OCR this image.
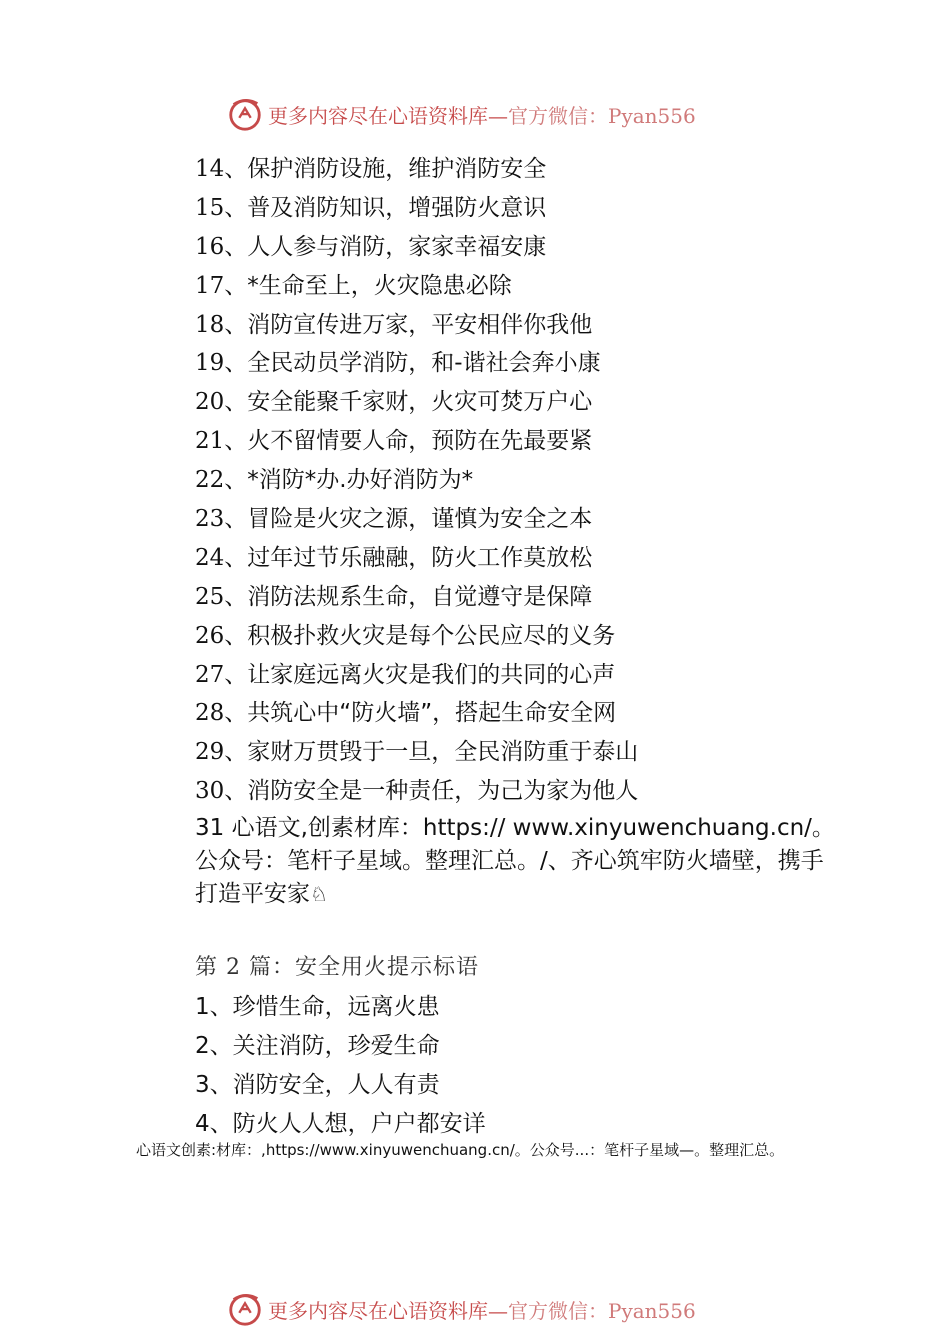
更多内容尽在心语资料库—官方微信：Pyan556
14 、 保护消防设施，维护消防安全
15 、 普及消防知识，增强防火意识
16 、 人人参与消防，家家幸福安康
17 、 *生命至上，火灾隐患必除
18 、 消防宣传进万家，平安相伴你我他
19 、 全民动员学消防，和-谐社会奔小康
20 、 安全能聚千家财，火灾可焚万户心
21 、 火不留情要人命，预防在先最要紧
22 、 *消防*办.办好消防为*
23 、 冒险是火灾之源，谨慎为安全之本
24 、 过年过节乐融融，防火工作莫放松
25 、 消防法规系生命，自觉遵守是保障
26 、 积极扑救火灾是每个公民应尽的义务
27 、 让家庭远离火灾是我们的共同的心声
28 、 共筑心中“防火墙”，搭起生命安全网
29 、 家财万贯毁于一旦，全民消防重于泰山
30 、 消防安全是一种责任，为己为家为他人
31 心语文,创素材库：https:// www.xinyuwenchuang.cn/。公众号：笔杆子星域。整理汇总。/、齐心筑牢防火墙壁，携手打造平安家♘
第 2 篇：安全用火提示标语
1、珍惜生命，远离火患
2、关注消防，珍爱生命
3、消防安全，人人有责
4、防火人人想，户户都安详
心语文创素:材库：,https://www.xinyuwenchuang.cn/。公众号...：笔杆子星域—。整理汇总。
更多内容尽在心语资料库—官方微信：Pyan556
